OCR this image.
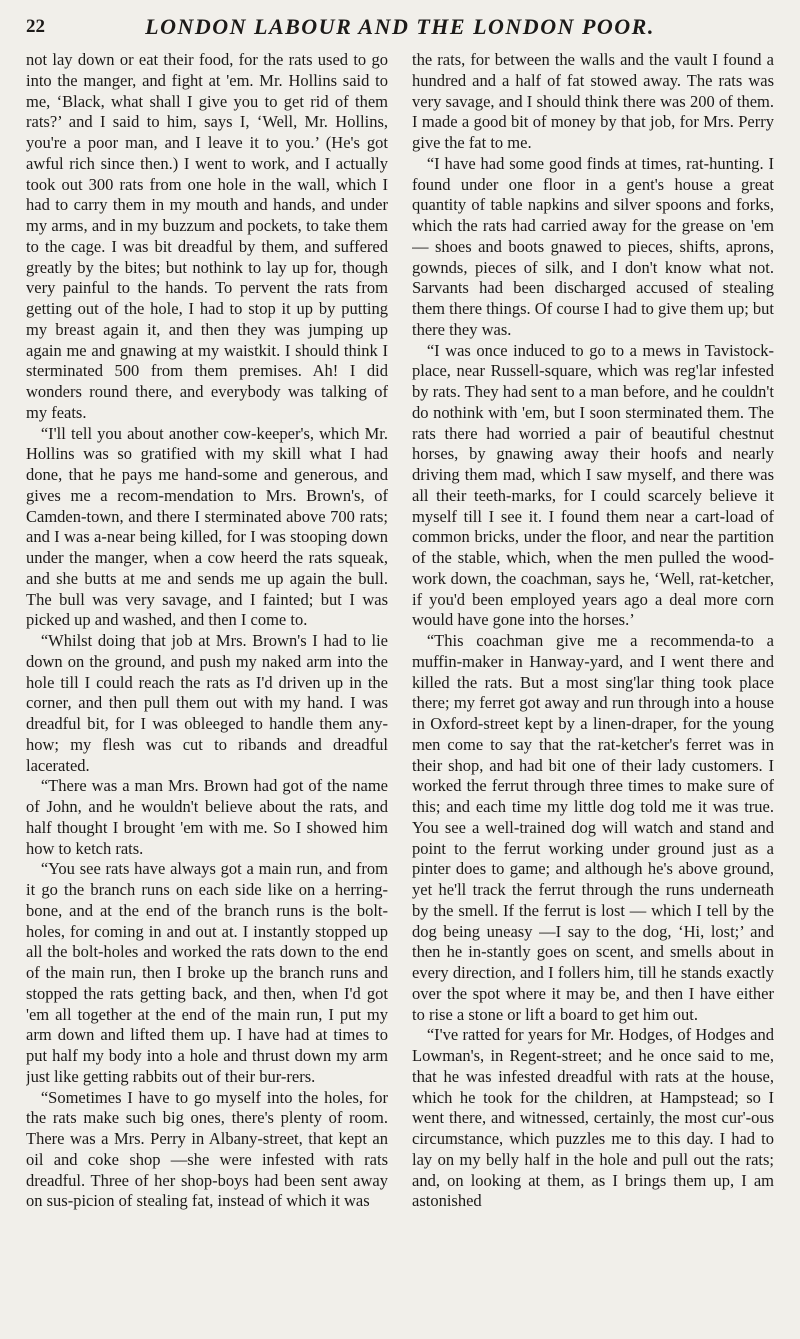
22	LONDON LABOUR AND THE LONDON POOR.

not lay down or eat their food, for the rats used to go into the manger, and fight at 'em. Mr. Hollins said to me, ‘Black, what shall I give you to get rid of them rats?’ and I said to him, says I, ‘Well, Mr. Hollins, you're a poor man, and I leave it to you.’ (He's got awful rich since then.) I went to work, and I actually took out 300 rats from one hole in the wall, which I had to carry them in my mouth and hands, and under my arms, and in my buzzum and pockets, to take them to the cage. I was bit dreadful by them, and suffered greatly by the bites; but nothink to lay up for, though very painful to the hands. To pervent the rats from getting out of the hole, I had to stop it up by putting my breast again it, and then they was jumping up again me and gnawing at my waistkit. I should think I sterminated 500 from them premises. Ah! I did wonders round there, and everybody was talking of my feats.

“I'll tell you about another cow-keeper's, which Mr. Hollins was so gratified with my skill what I had done, that he pays me hand-some and generous, and gives me a recom-mendation to Mrs. Brown's, of Camden-town, and there I sterminated above 700 rats; and I was a-near being killed, for I was stooping down under the manger, when a cow heerd the rats squeak, and she butts at me and sends me up again the bull. The bull was very savage, and I fainted; but I was picked up and washed, and then I come to.

“Whilst doing that job at Mrs. Brown's I had to lie down on the ground, and push my naked arm into the hole till I could reach the rats as I'd driven up in the corner, and then pull them out with my hand. I was dreadful bit, for I was obleeged to handle them any-how; my flesh was cut to ribands and dreadful lacerated.

“There was a man Mrs. Brown had got of the name of John, and he wouldn't believe about the rats, and half thought I brought 'em with me. So I showed him how to ketch rats.

“You see rats have always got a main run, and from it go the branch runs on each side like on a herring-bone, and at the end of the branch runs is the bolt-holes, for coming in and out at. I instantly stopped up all the bolt-holes and worked the rats down to the end of the main run, then I broke up the branch runs and stopped the rats getting back, and then, when I'd got 'em all together at the end of the main run, I put my arm down and lifted them up. I have had at times to put half my body into a hole and thrust down my arm just like getting rabbits out of their bur-rers.

“Sometimes I have to go myself into the holes, for the rats make such big ones, there's plenty of room. There was a Mrs. Perry in Albany-street, that kept an oil and coke shop —she were infested with rats dreadful. Three of her shop-boys had been sent away on sus-picion of stealing fat, instead of which it was

the rats, for between the walls and the vault I found a hundred and a half of fat stowed away. The rats was very savage, and I should think there was 200 of them. I made a good bit of money by that job, for Mrs. Perry give the fat to me.

“I have had some good finds at times, rat-hunting. I found under one floor in a gent's house a great quantity of table napkins and silver spoons and forks, which the rats had carried away for the grease on 'em — shoes and boots gnawed to pieces, shifts, aprons, gownds, pieces of silk, and I don't know what not. Sarvants had been discharged accused of stealing them there things. Of course I had to give them up; but there they was.

“I was once induced to go to a mews in Tavistock-place, near Russell-square, which was reg'lar infested by rats. They had sent to a man before, and he couldn't do nothink with 'em, but I soon sterminated them. The rats there had worried a pair of beautiful chestnut horses, by gnawing away their hoofs and nearly driving them mad, which I saw myself, and there was all their teeth-marks, for I could scarcely believe it myself till I see it. I found them near a cart-load of common bricks, under the floor, and near the partition of the stable, which, when the men pulled the wood-work down, the coachman, says he, ‘Well, rat-ketcher, if you'd been employed years ago a deal more corn would have gone into the horses.’

“This coachman give me a recommenda-to a muffin-maker in Hanway-yard, and I went there and killed the rats. But a most sing'lar thing took place there; my ferret got away and run through into a house in Oxford-street kept by a linen-draper, for the young men come to say that the rat-ketcher's ferret was in their shop, and had bit one of their lady customers. I worked the ferrut through three times to make sure of this; and each time my little dog told me it was true. You see a well-trained dog will watch and stand and point to the ferrut working under ground just as a pinter does to game; and although he's above ground, yet he'll track the ferrut through the runs underneath by the smell. If the ferrut is lost — which I tell by the dog being uneasy —I say to the dog, ‘Hi, lost;’ and then he in-stantly goes on scent, and smells about in every direction, and I follers him, till he stands exactly over the spot where it may be, and then I have either to rise a stone or lift a board to get him out.

“I've ratted for years for Mr. Hodges, of Hodges and Lowman's, in Regent-street; and he once said to me, that he was infested dreadful with rats at the house, which he took for the children, at Hampstead; so I went there, and witnessed, certainly, the most cur'-ous circumstance, which puzzles me to this day. I had to lay on my belly half in the hole and pull out the rats; and, on looking at them, as I brings them up, I am astonished
